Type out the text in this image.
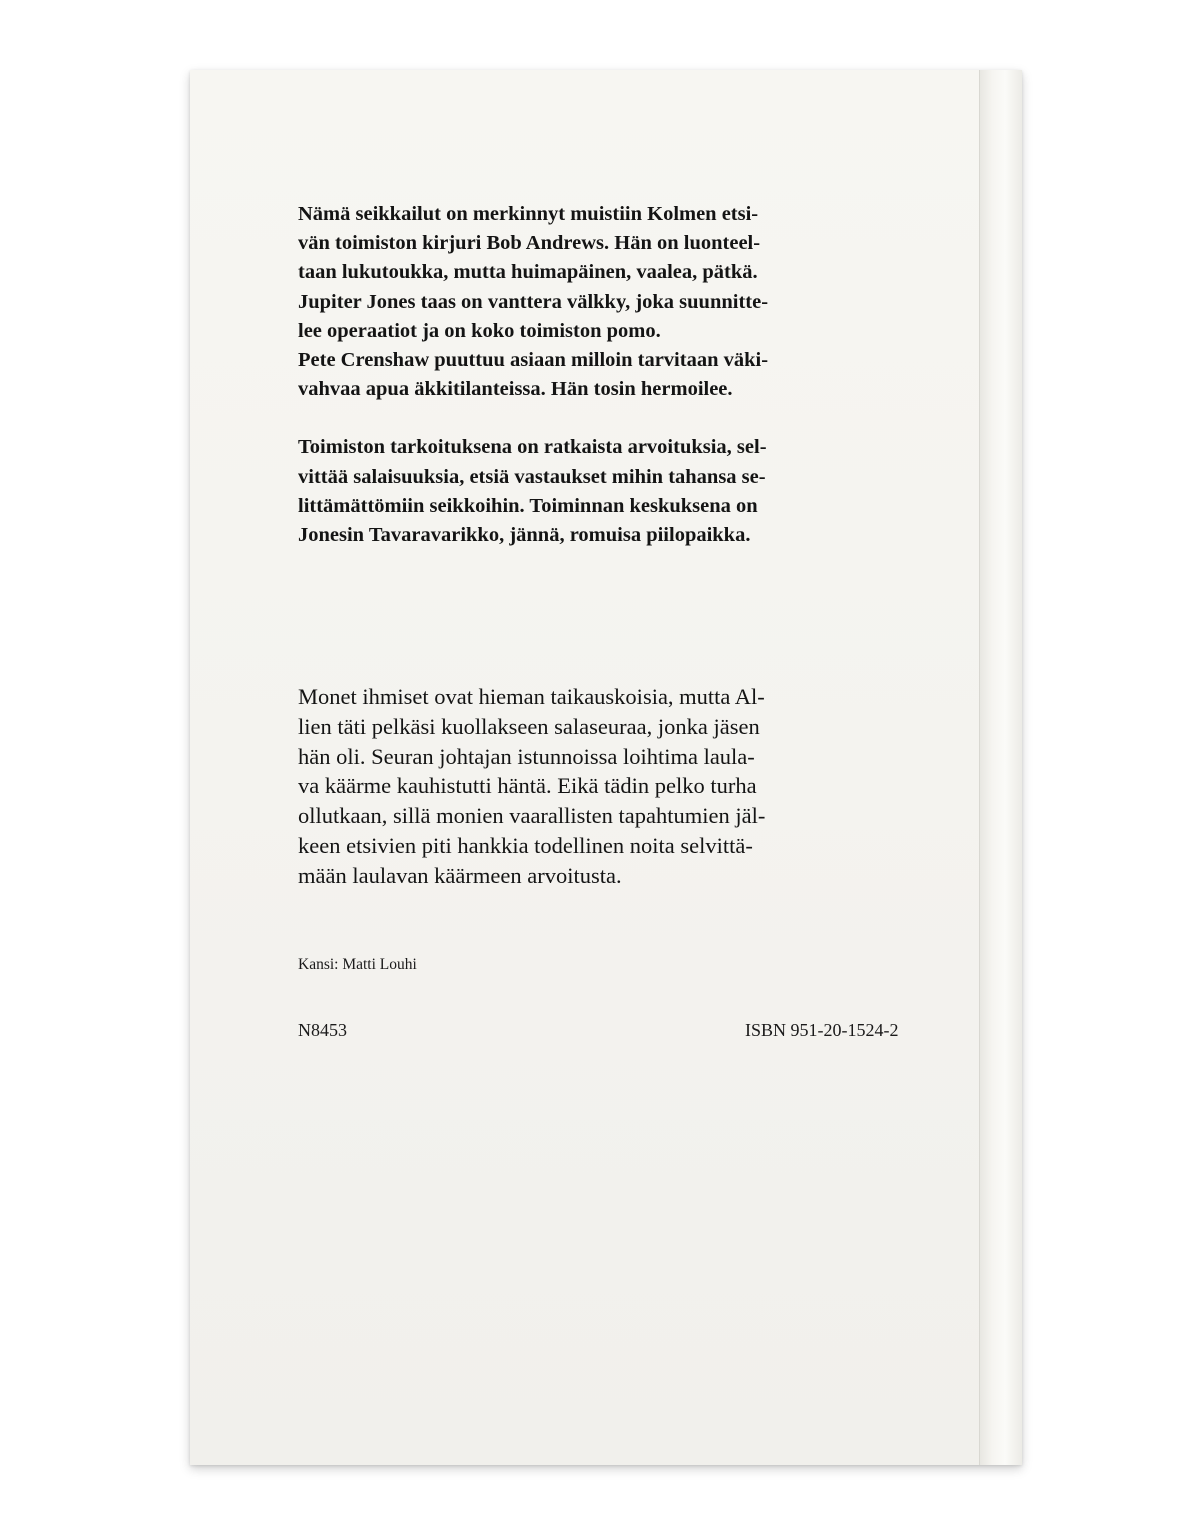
Nämä seikkailut on merkinnyt muistiin Kolmen etsi-
vän toimiston kirjuri Bob Andrews. Hän on luonteel-
taan lukutoukka, mutta huimapäinen, vaalea, pätkä.
Jupiter Jones taas on vanttera välkky, joka suunnitte-
lee operaatiot ja on koko toimiston pomo.
Pete Crenshaw puuttuu asiaan milloin tarvitaan väki-
vahvaa apua äkkitilanteissa. Hän tosin hermoilee.

Toimiston tarkoituksena on ratkaista arvoituksia, sel-
vittää salaisuuksia, etsiä vastaukset mihin tahansa se-
littämättömiin seikkoihin. Toiminnan keskuksena on
Jonesin Tavaravarikko, jännä, romuisa piilopaikka.

Monet ihmiset ovat hieman taikauskoisia, mutta Al-
lien täti pelkäsi kuollakseen salaseuraa, jonka jäsen
hän oli. Seuran johtajan istunnoissa loihtima laula-
va käärme kauhistutti häntä. Eikä tädin pelko turha
ollutkaan, sillä monien vaarallisten tapahtumien jäl-
keen etsivien piti hankkia todellinen noita selvittä-
mään laulavan käärmeen arvoitusta.
Kansi: Matti Louhi
N8453	ISBN 951-20-1524-2
